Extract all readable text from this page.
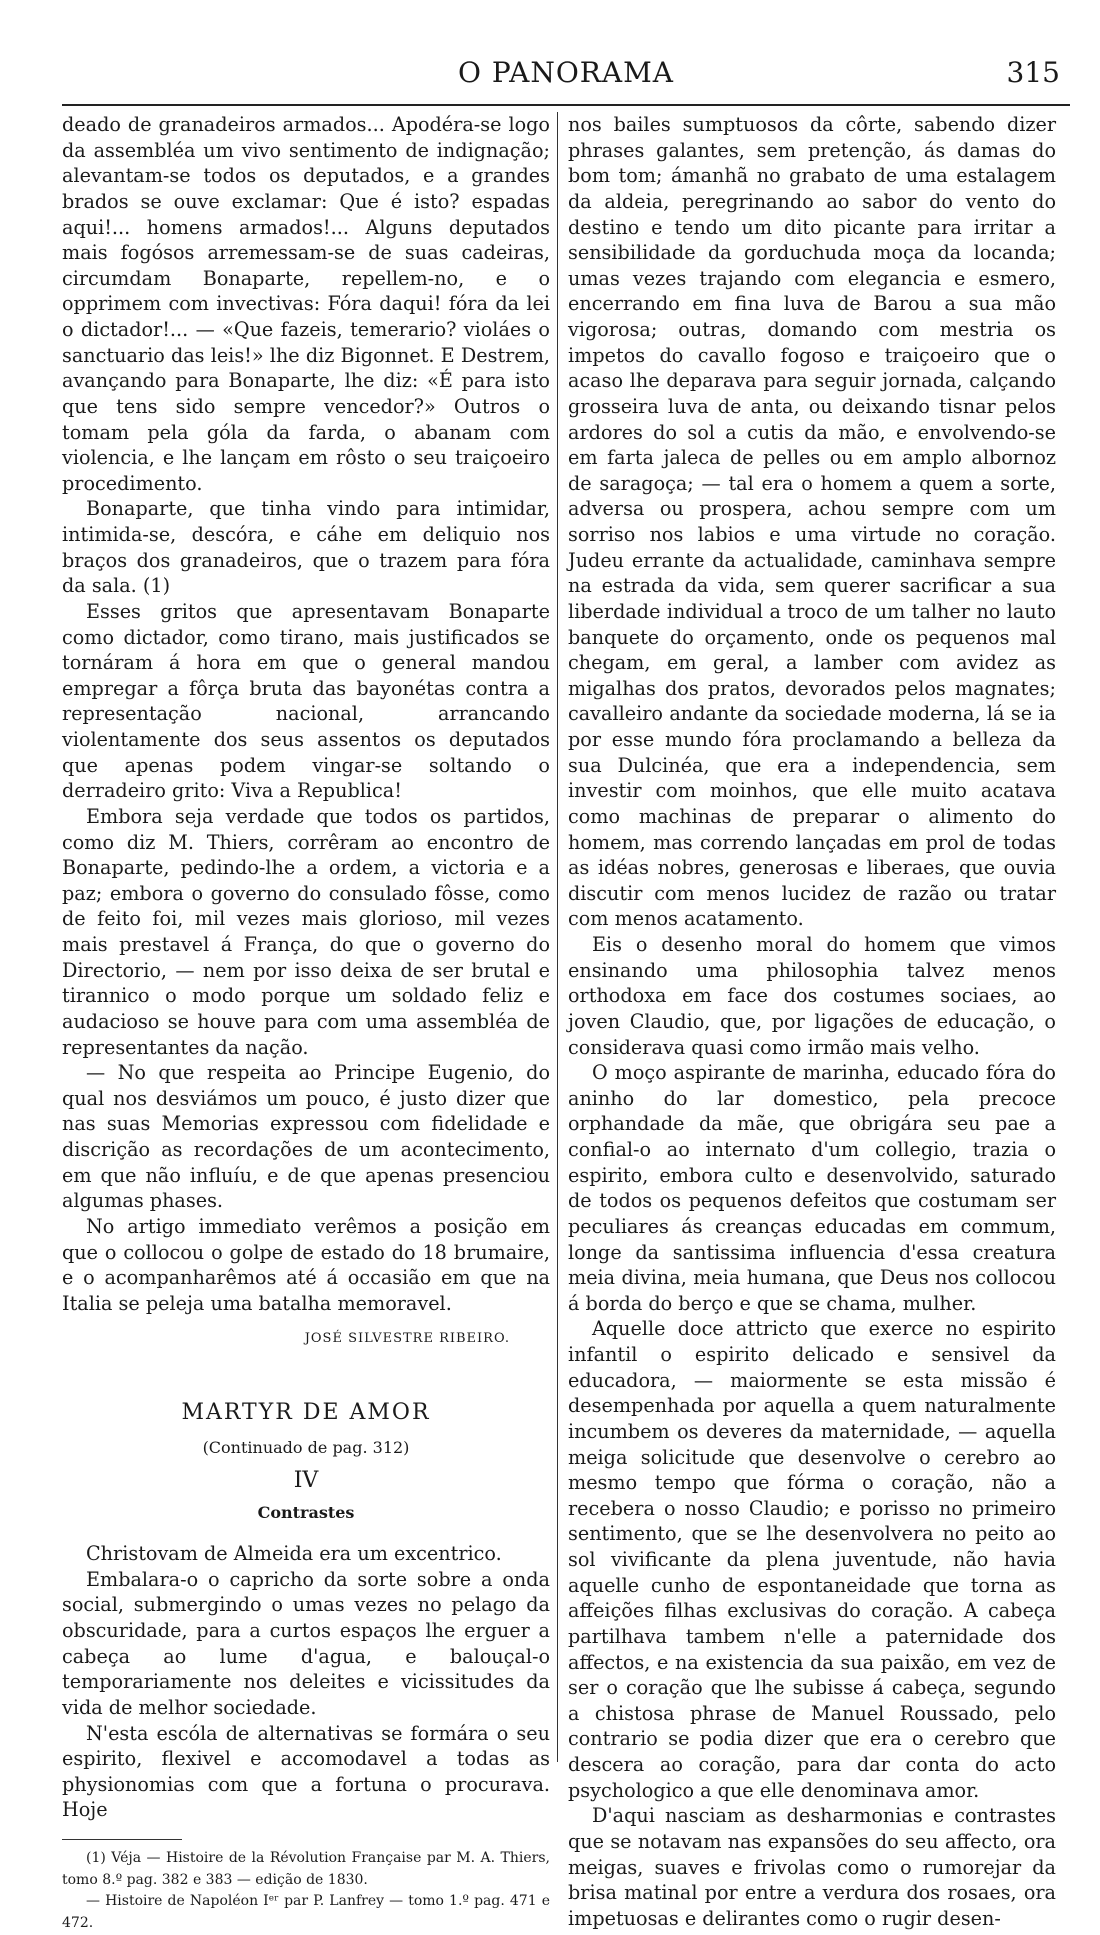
O PANORAMA	315

deado de granadeiros armados... Apodéra-se logo da assembléa um vivo sentimento de indignação; alevantam-se todos os deputados, e a grandes brados se ouve exclamar: Que é isto? espadas aqui!... homens armados!... Alguns deputados mais fogósos arremessam-se de suas cadeiras, circumdam Bonaparte, repellem-no, e o opprimem com invectivas: Fóra daqui! fóra da lei o dictador!... — «Que fazeis, temerario? violáes o sanctuario das leis!» lhe diz Bigonnet. E Destrem, avançando para Bonaparte, lhe diz: «É para isto que tens sido sempre vencedor?» Outros o tomam pela góla da farda, o abanam com violencia, e lhe lançam em rôsto o seu traiçoeiro procedimento.

Bonaparte, que tinha vindo para intimidar, intimida-se, descóra, e cáhe em deliquio nos braços dos granadeiros, que o trazem para fóra da sala. (1)

Esses gritos que apresentavam Bonaparte como dictador, como tirano, mais justificados se tornáram á hora em que o general mandou empregar a fôrça bruta das bayonétas contra a representação nacional, arrancando violentamente dos seus assentos os deputados que apenas podem vingar-se soltando o derradeiro grito: Viva a Republica!

Embora seja verdade que todos os partidos, como diz M. Thiers, corrêram ao encontro de Bonaparte, pedindo-lhe a ordem, a victoria e a paz; embora o governo do consulado fôsse, como de feito foi, mil vezes mais glorioso, mil vezes mais prestavel á França, do que o governo do Directorio, — nem por isso deixa de ser brutal e tirannico o modo porque um soldado feliz e audacioso se houve para com uma assembléa de representantes da nação.

— No que respeita ao Principe Eugenio, do qual nos desviámos um pouco, é justo dizer que nas suas Memorias expressou com fidelidade e discrição as recordações de um acontecimento, em que não influíu, e de que apenas presenciou algumas phases.

No artigo immediato verêmos a posição em que o collocou o golpe de estado do 18 brumaire, e o acompanharêmos até á occasião em que na Italia se peleja uma batalha memoravel.

JOSÉ SILVESTRE RIBEIRO.
MARTYR DE AMOR
(Continuado de pag. 312)
IV
Contrastes

Christovam de Almeida era um excentrico.

Embalara-o o capricho da sorte sobre a onda social, submergindo o umas vezes no pelago da obscuridade, para a curtos espaços lhe erguer a cabeça ao lume d'agua, e balouçal-o temporariamente nos deleites e vicissitudes da vida de melhor sociedade.

N'esta escóla de alternativas se formára o seu espirito, flexivel e accomodavel a todas as physionomias com que a fortuna o procurava. Hoje

(1) Véja — Histoire de la Révolution Française par M. A. Thiers, tomo 8.º pag. 382 e 383 — edição de 1830.

— Histoire de Napoléon Iᵉʳ par P. Lanfrey — tomo 1.º pag. 471 e 472.

nos bailes sumptuosos da côrte, sabendo dizer phrases galantes, sem pretenção, ás damas do bom tom; ámanhã no grabato de uma estalagem da aldeia, peregrinando ao sabor do vento do destino e tendo um dito picante para irritar a sensibilidade da gorduchuda moça da locanda; umas vezes trajando com elegancia e esmero, encerrando em fina luva de Barou a sua mão vigorosa; outras, domando com mestria os impetos do cavallo fogoso e traiçoeiro que o acaso lhe deparava para seguir jornada, calçando grosseira luva de anta, ou deixando tisnar pelos ardores do sol a cutis da mão, e envolvendo-se em farta jaleca de pelles ou em amplo albornoz de saragoça; — tal era o homem a quem a sorte, adversa ou prospera, achou sempre com um sorriso nos labios e uma virtude no coração. Judeu errante da actualidade, caminhava sempre na estrada da vida, sem querer sacrificar a sua liberdade individual a troco de um talher no lauto banquete do orçamento, onde os pequenos mal chegam, em geral, a lamber com avidez as migalhas dos pratos, devorados pelos magnates; cavalleiro andante da sociedade moderna, lá se ia por esse mundo fóra proclamando a belleza da sua Dulcinéa, que era a independencia, sem investir com moinhos, que elle muito acatava como machinas de preparar o alimento do homem, mas correndo lançadas em prol de todas as idéas nobres, generosas e liberaes, que ouvia discutir com menos lucidez de razão ou tratar com menos acatamento.

Eis o desenho moral do homem que vimos ensinando uma philosophia talvez menos orthodoxa em face dos costumes sociaes, ao joven Claudio, que, por ligações de educação, o considerava quasi como irmão mais velho.

O moço aspirante de marinha, educado fóra do aninho do lar domestico, pela precoce orphandade da mãe, que obrigára seu pae a confial-o ao internato d'um collegio, trazia o espirito, embora culto e desenvolvido, saturado de todos os pequenos defeitos que costumam ser peculiares ás creanças educadas em commum, longe da santissima influencia d'essa creatura meia divina, meia humana, que Deus nos collocou á borda do berço e que se chama, mulher.

Aquelle doce attricto que exerce no espirito infantil o espirito delicado e sensivel da educadora, — maiormente se esta missão é desempenhada por aquella a quem naturalmente incumbem os deveres da maternidade, — aquella meiga solicitude que desenvolve o cerebro ao mesmo tempo que fórma o coração, não a recebera o nosso Claudio; e porisso no primeiro sentimento, que se lhe desenvolvera no peito ao sol vivificante da plena juventude, não havia aquelle cunho de espontaneidade que torna as affeições filhas exclusivas do coração. A cabeça partilhava tambem n'elle a paternidade dos affectos, e na existencia da sua paixão, em vez de ser o coração que lhe subisse á cabeça, segundo a chistosa phrase de Manuel Roussado, pelo contrario se podia dizer que era o cerebro que descera ao coração, para dar conta do acto psychologico a que elle denominava amor.

D'aqui nasciam as desharmonias e contrastes que se notavam nas expansões do seu affecto, ora meigas, suaves e frivolas como o rumorejar da brisa matinal por entre a verdura dos rosaes, ora impetuosas e delirantes como o rugir desen-
